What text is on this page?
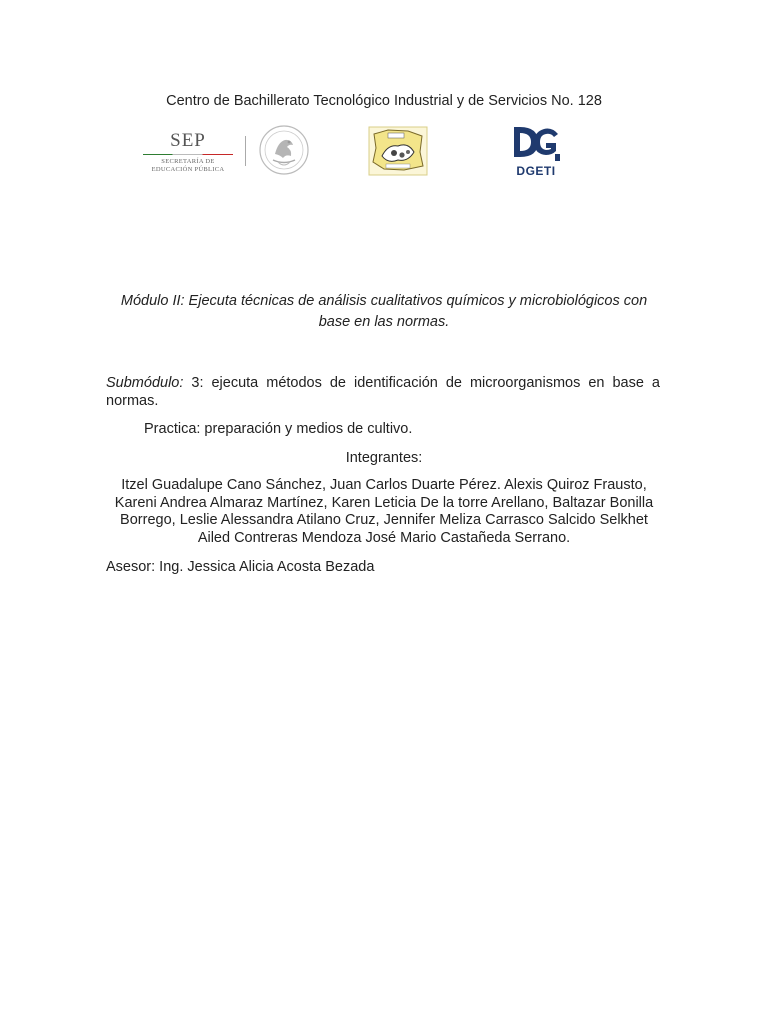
Centro de Bachillerato Tecnológico Industrial y de Servicios No. 128
SEP
SECRETARÍA DE
EDUCACIÓN PÚBLICA	DGETI
Módulo II: Ejecuta técnicas de análisis cualitativos químicos y microbiológicos con base en las normas.
Submódulo: 3: ejecuta métodos de identificación de microorganismos en base a normas.
Practica: preparación y medios de cultivo.
Integrantes:
Itzel Guadalupe Cano Sánchez, Juan Carlos Duarte Pérez. Alexis Quiroz Frausto, Kareni Andrea Almaraz Martínez, Karen Leticia De la torre Arellano, Baltazar Bonilla Borrego, Leslie Alessandra Atilano Cruz, Jennifer Meliza Carrasco Salcido Selkhet Ailed Contreras Mendoza José Mario Castañeda Serrano.
Asesor: Ing. Jessica Alicia Acosta Bezada
